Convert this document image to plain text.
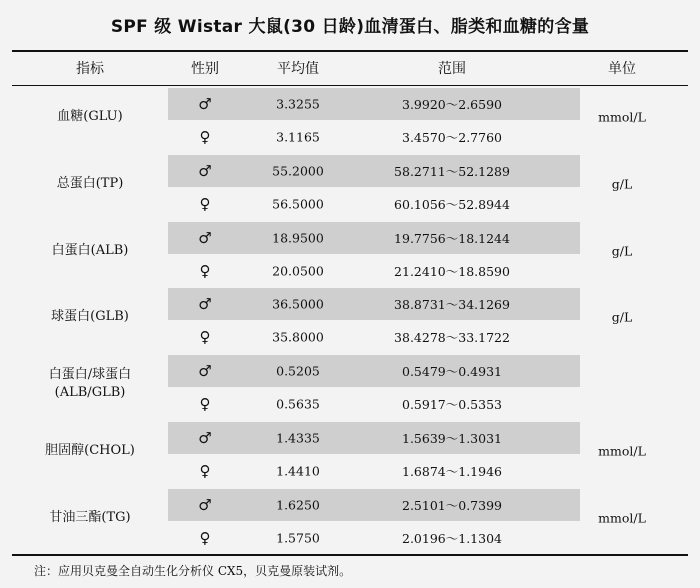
SPF 级 Wistar 大鼠(30 日龄)血清蛋白、脂类和血糖的含量
指标	性别	平均值	范围	单位
血糖(GLU)	mmol/L
♂	3.3255	3.9920～2.6590
♀	3.1165	3.4570～2.7760
总蛋白(TP)	g/L
♂	55.2000	58.2711～52.1289
♀	56.5000	60.1056～52.8944
白蛋白(ALB)	g/L
♂	18.9500	19.7756～18.1244
♀	20.0500	21.2410～18.8590
球蛋白(GLB)	g/L
♂	36.5000	38.8731～34.1269
♀	35.8000	38.4278～33.1722
白蛋白/球蛋白
(ALB/GLB)
♂	0.5205	0.5479～0.4931
♀	0.5635	0.5917～0.5353
胆固醇(CHOL)	mmol/L
♂	1.4335	1.5639～1.3031
♀	1.4410	1.6874～1.1946
甘油三酯(TG)	mmol/L
♂	1.6250	2.5101～0.7399
♀	1.5750	2.0196～1.1304
注：应用贝克曼全自动生化分析仪 CX5，贝克曼原装试剂。
